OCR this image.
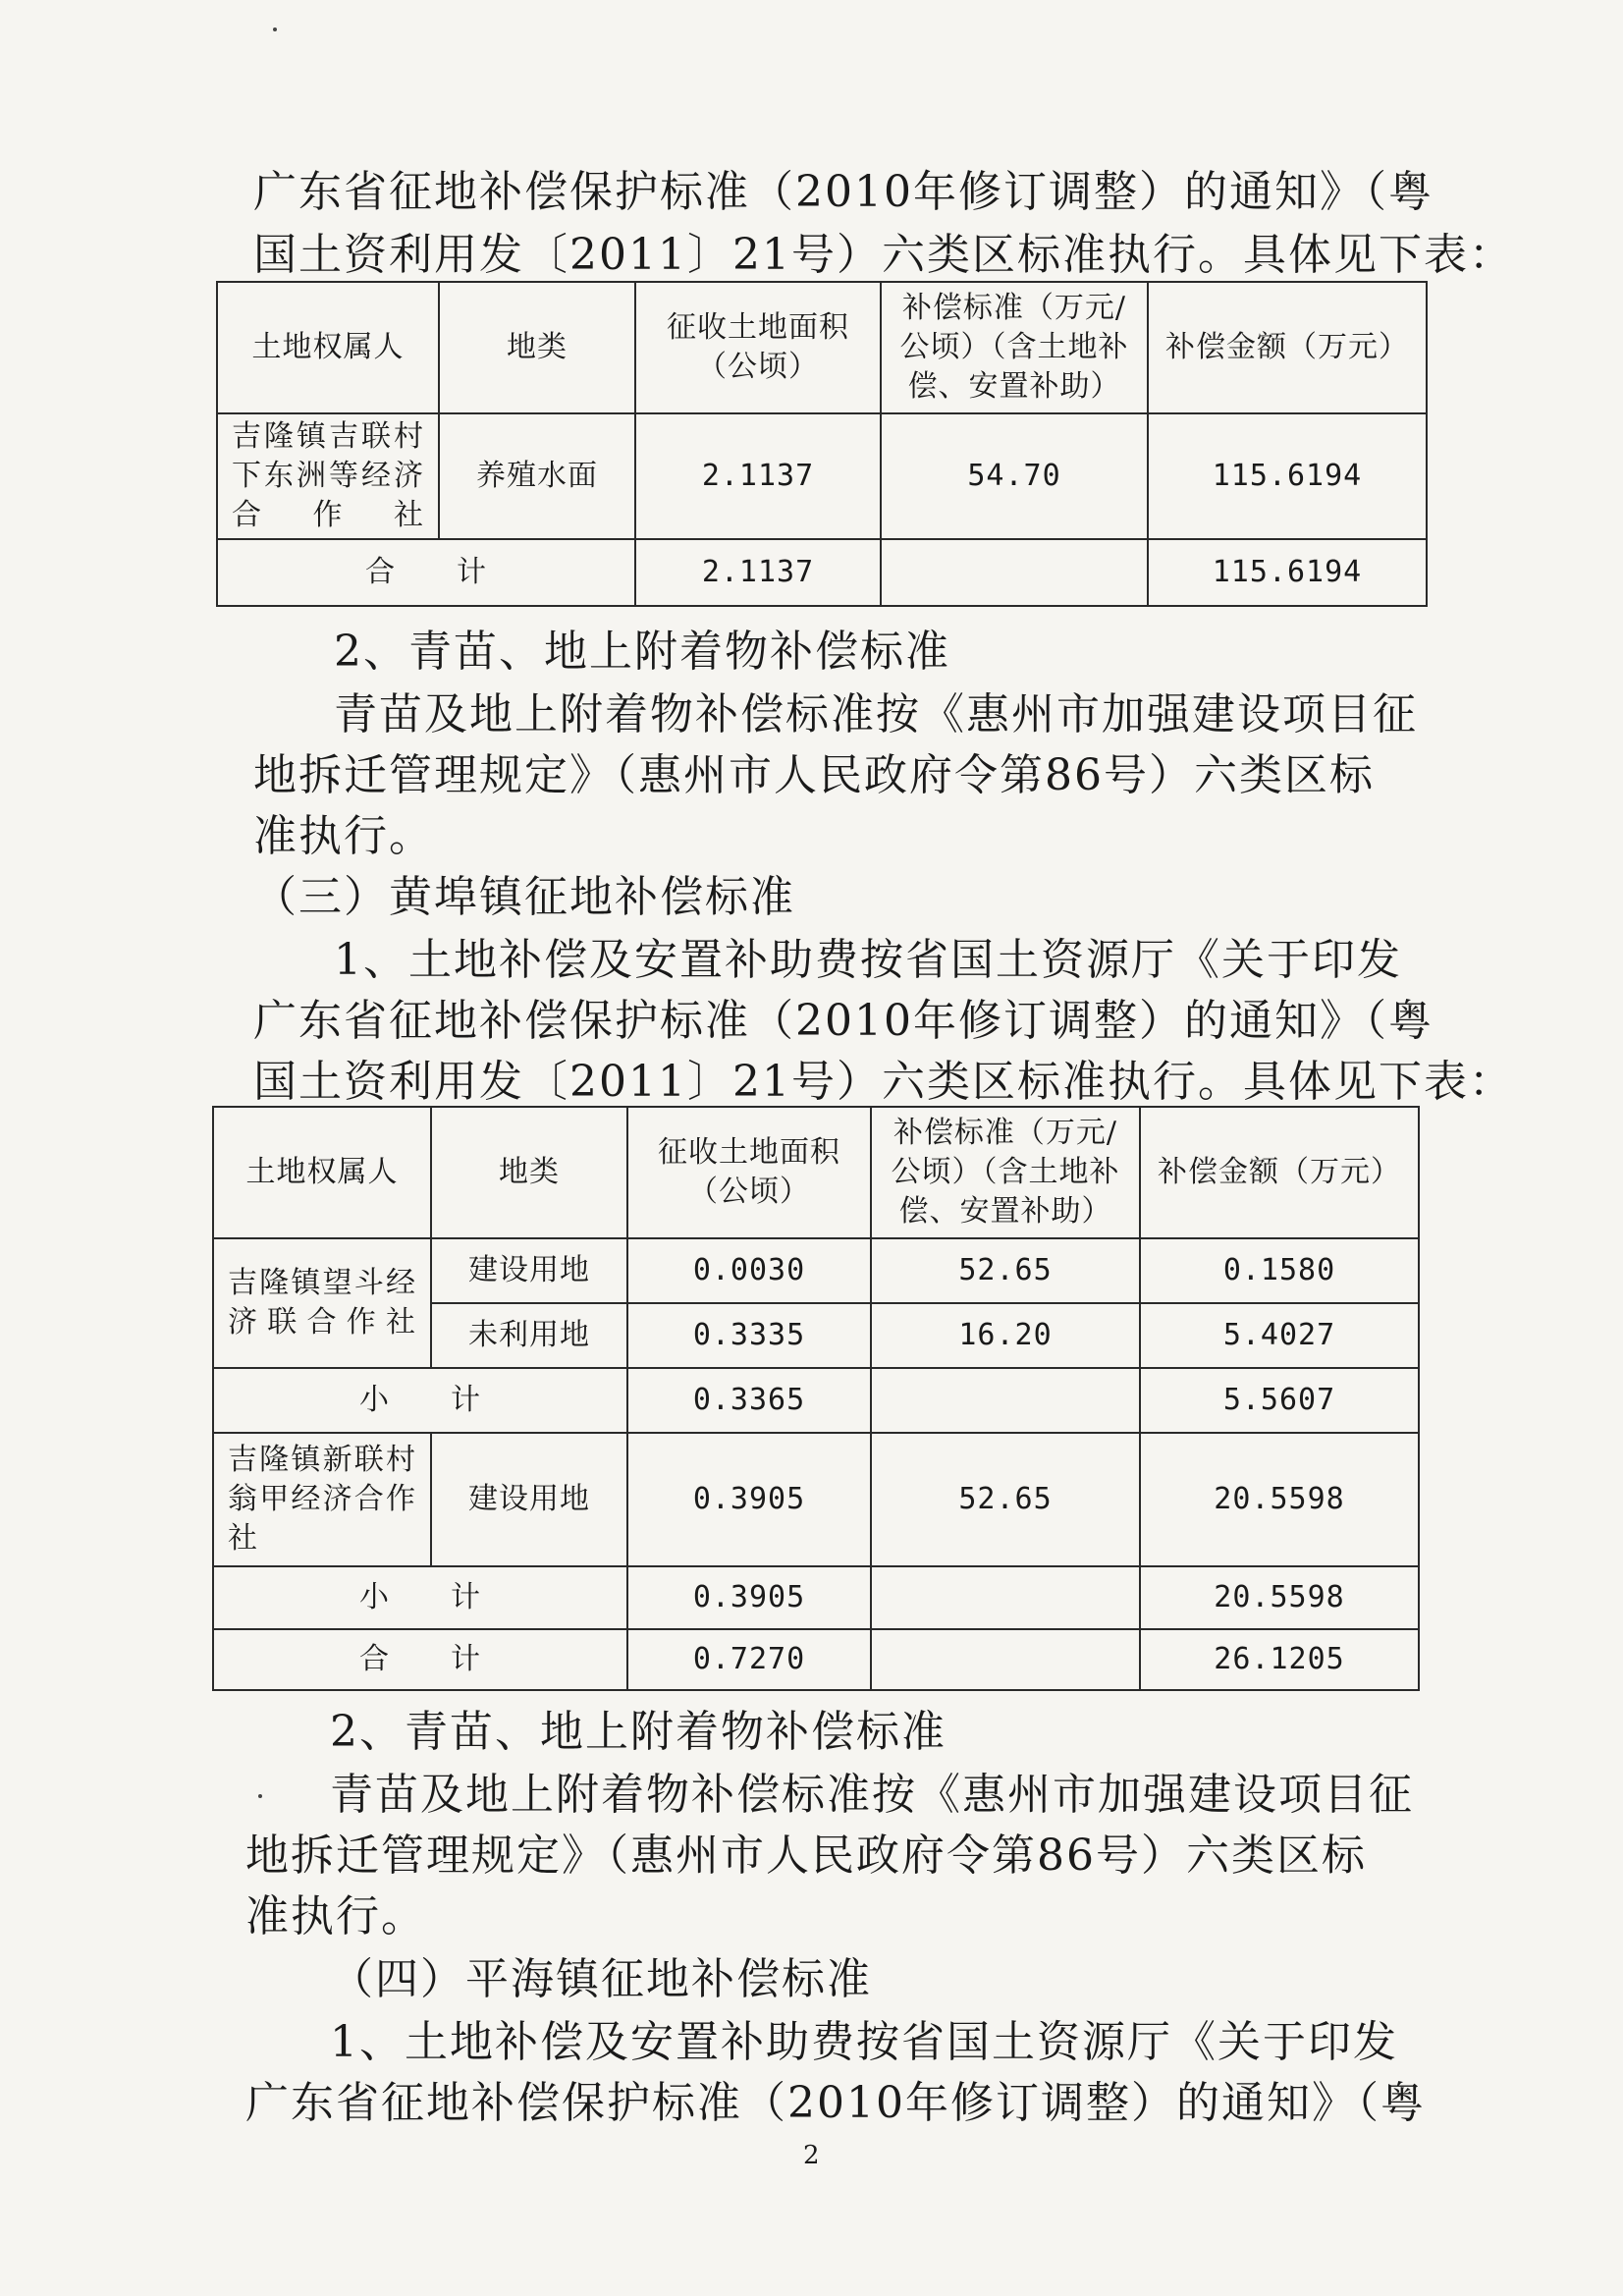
广东省征地补偿保护标准（2010年修订调整）的通知》（粤
国土资利用发〔2011〕21号）六类区标准执行。具体见下表：
土地权属人	地类	征收土地面积（公顷）	补偿标准（万元/公顷）（含土地补偿、安置补助）	补偿金额（万元）
吉隆镇吉联村下东洲等经济合作社	养殖水面	2.1137	54.70	115.6194
合　　计		2.1137		115.6194
2、青苗、地上附着物补偿标准
青苗及地上附着物补偿标准按《惠州市加强建设项目征
地拆迁管理规定》（惠州市人民政府令第86号）六类区标
准执行。
（三）黄埠镇征地补偿标准
1、土地补偿及安置补助费按省国土资源厅《关于印发
广东省征地补偿保护标准（2010年修订调整）的通知》（粤
国土资利用发〔2011〕21号）六类区标准执行。具体见下表：
土地权属人	地类	征收土地面积（公顷）	补偿标准（万元/公顷）（含土地补偿、安置补助）	补偿金额（万元）
吉隆镇望斗经济联合作社	建设用地	0.0030	52.65	0.1580
	未利用地	0.3335	16.20	5.4027
小　　计		0.3365		5.5607
吉隆镇新联村翁甲经济合作社	建设用地	0.3905	52.65	20.5598
小　　计		0.3905		20.5598
合　　计		0.7270		26.1205
2、青苗、地上附着物补偿标准
青苗及地上附着物补偿标准按《惠州市加强建设项目征
地拆迁管理规定》（惠州市人民政府令第86号）六类区标
准执行。
（四）平海镇征地补偿标准
1、土地补偿及安置补助费按省国土资源厅《关于印发
广东省征地补偿保护标准（2010年修订调整）的通知》（粤
2
